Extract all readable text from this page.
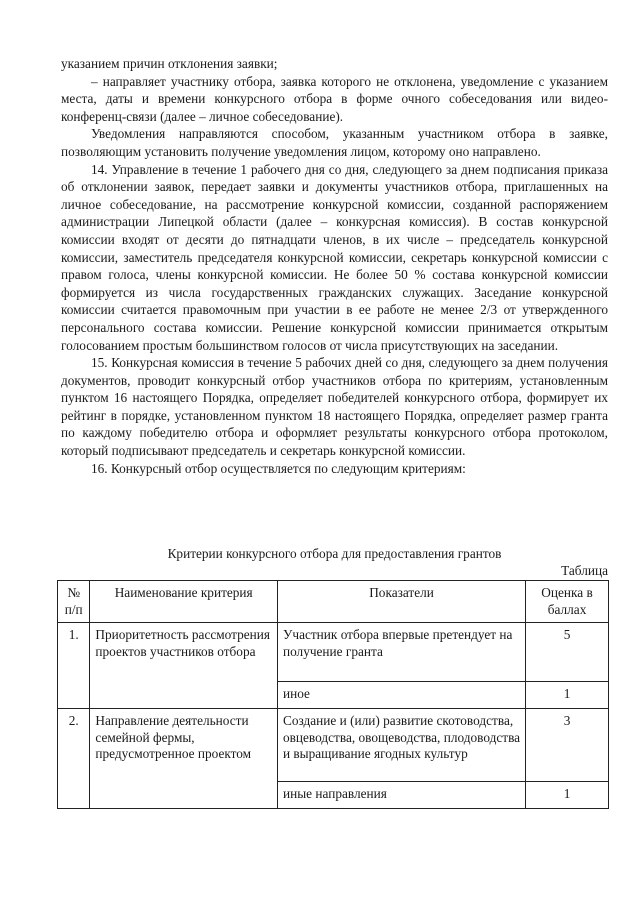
указанием причин отклонения заявки;

– направляет участнику отбора, заявка которого не отклонена, уведомление с указанием места, даты и времени конкурсного отбора в форме очного собеседования или видео-конференц-связи (далее – личное собеседование).

Уведомления направляются способом, указанным участником отбора в заявке, позволяющим установить получение уведомления лицом, которому оно направлено.

14. Управление в течение 1 рабочего дня со дня, следующего за днем подписания приказа об отклонении заявок, передает заявки и документы участников отбора, приглашенных на личное собеседование, на рассмотрение конкурсной комиссии, созданной распоряжением администрации Липецкой области (далее – конкурсная комиссия). В состав конкурсной комиссии входят от десяти до пятнадцати членов, в их числе – председатель конкурсной комиссии, заместитель председателя конкурсной комиссии, секретарь конкурсной комиссии с правом голоса, члены конкурсной комиссии. Не более 50 % состава конкурсной комиссии формируется из числа государственных гражданских служащих. Заседание конкурсной комиссии считается правомочным при участии в ее работе не менее 2/3 от утвержденного персонального состава комиссии. Решение конкурсной комиссии принимается открытым голосованием простым большинством голосов от числа присутствующих на заседании.

15. Конкурсная комиссия в течение 5 рабочих дней со дня, следующего за днем получения документов, проводит конкурсный отбор участников отбора по критериям, установленным пунктом 16 настоящего Порядка, определяет победителей конкурсного отбора, формирует их рейтинг в порядке, установленном пунктом 18 настоящего Порядка, определяет размер гранта по каждому победителю отбора и оформляет результаты конкурсного отбора протоколом, который подписывают председатель и секретарь конкурсной комиссии.

16. Конкурсный отбор осуществляется по следующим критериям:

Критерии конкурсного отбора для предоставления грантов
Таблица
№ п/п	Наименование критерия	Показатели	Оценка в баллах
1.	Приоритетность рассмотрения проектов участников отбора	Участник отбора впервые претендует на получение гранта	5
		иное	1
2.	Направление деятельности семейной фермы, предусмотренное проектом	Создание и (или) развитие скотоводства, овцеводства, овощеводства, плодоводства и выращивание ягодных культур	3
		иные направления	1
